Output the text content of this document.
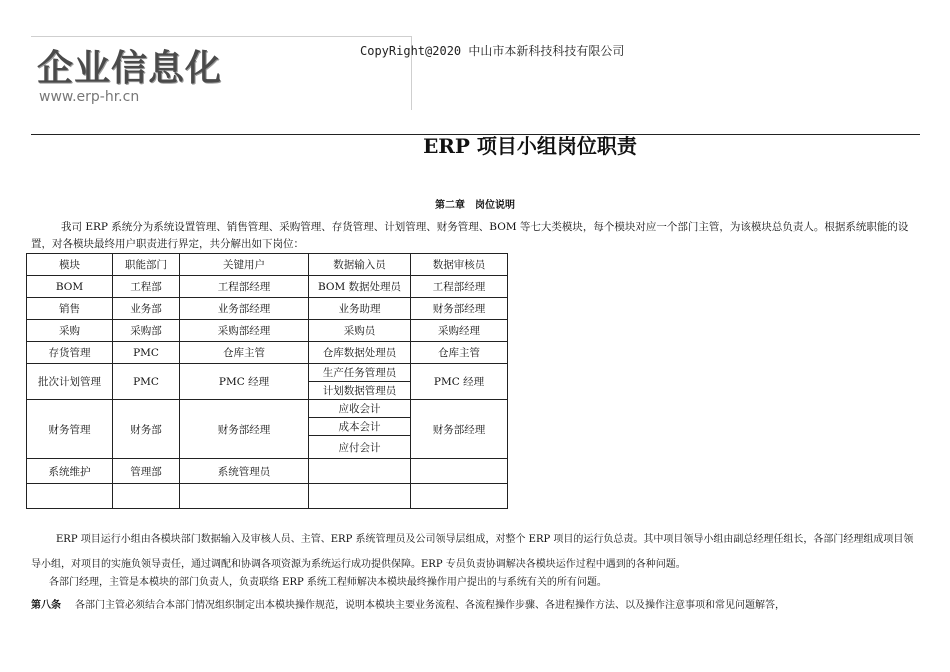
企业信息化
www.erp-hr.cn
CopyRight@2020 中山市本新科技科技有限公司
ERP 项目小组岗位职责
第二章　岗位说明
我司 ERP 系统分为系统设置管理、销售管理、采购管理、存货管理、计划管理、财务管理、BOM 等七大类模块，每个模块对应一个部门主管，为该模块总负责人。根据系统职能的设置，对各模块最终用户职责进行界定，共分解出如下岗位：
模块	职能部门	关键用户	数据输入员	数据审核员
BOM	工程部	工程部经理	BOM 数据处理员	工程部经理
销售	业务部	业务部经理	业务助理	财务部经理
采购	采购部	采购部经理	采购员	采购经理
存货管理	PMC	仓库主管	仓库数据处理员	仓库主管
批次计划管理	PMC	PMC 经理	生产任务管理员	PMC 经理
			计划数据管理员	
财务管理	财务部	财务部经理	应收会计	财务部经理
			成本会计	
			应付会计	
系统维护	管理部	系统管理员		

ERP 项目运行小组由各模块部门数据输入及审核人员、主管、ERP 系统管理员及公司领导层组成，对整个 ERP 项目的运行负总责。其中项目领导小组由副总经理任组长，各部门经理组成项目领导小组，对项目的实施负领导责任，通过调配和协调各项资源为系统运行成功提供保障。ERP 专员负责协调解决各模块运作过程中遇到的各种问题。
各部门经理，主管是本模块的部门负责人，负责联络 ERP 系统工程师解决本模块最终操作用户提出的与系统有关的所有问题。
第八条 各部门主管必须结合本部门情况组织制定出本模块操作规范，说明本模块主要业务流程、各流程操作步骤、各进程操作方法、以及操作注意事项和常见问题解答，
